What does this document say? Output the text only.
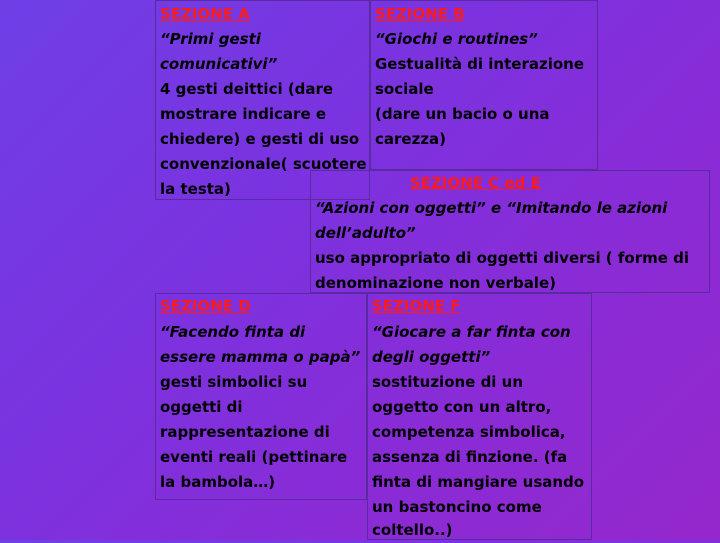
SEZIONE A
“Primi gesti
comunicativi”
4 gesti deittici (dare
mostrare indicare e
chiedere) e gesti di uso
convenzionale( scuotere
la testa)
SEZIONE B
“Giochi e routines”
Gestualità di interazione
sociale
(dare un bacio o una
carezza)
SEZIONE C ed E
“Azioni con oggetti” e “Imitando le azioni
dell’adulto”
uso appropriato di oggetti diversi ( forme di
denominazione non verbale)
SEZIONE D
“Facendo finta di
essere mamma o papà”
gesti simbolici su
oggetti di
rappresentazione di
eventi reali (pettinare
la bambola…)
SEZIONE F
“Giocare a far finta con
degli oggetti”
sostituzione di un
oggetto con un altro,
competenza simbolica,
assenza di finzione. (fa
finta di mangiare usando
un bastoncino come
coltello..)
